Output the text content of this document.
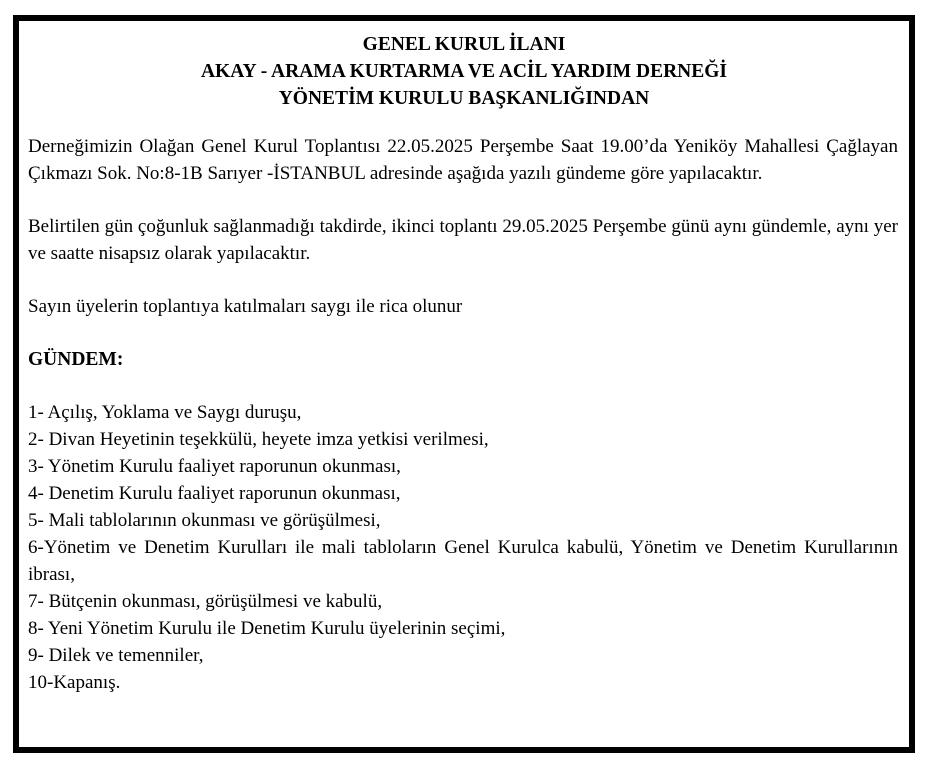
GENEL KURUL İLANI
AKAY - ARAMA KURTARMA VE ACİL YARDIM DERNEĞİ
YÖNETİM KURULU BAŞKANLIĞINDAN

Derneğimizin Olağan Genel Kurul Toplantısı 22.05.2025 Perşembe Saat 19.00’da Yeniköy Mahallesi Çağlayan Çıkmazı Sok. No:8-1B Sarıyer -İSTANBUL adresinde aşağıda yazılı gündeme göre yapılacaktır.

Belirtilen gün çoğunluk sağlanmadığı takdirde, ikinci toplantı 29.05.2025 Perşembe günü aynı gündemle, aynı yer ve saatte nisapsız olarak yapılacaktır.

Sayın üyelerin toplantıya katılmaları saygı ile rica olunur

GÜNDEM:

1- Açılış, Yoklama ve Saygı duruşu,
2- Divan Heyetinin teşekkülü, heyete imza yetkisi verilmesi,
3- Yönetim Kurulu faaliyet raporunun okunması,
4- Denetim Kurulu faaliyet raporunun okunması,
5- Mali tablolarının okunması ve görüşülmesi,
6-Yönetim ve Denetim Kurulları ile mali tabloların Genel Kurulca kabulü, Yönetim ve Denetim Kurullarının ibrası,
7- Bütçenin okunması, görüşülmesi ve kabulü,
8- Yeni Yönetim Kurulu ile Denetim Kurulu üyelerinin seçimi,
9- Dilek ve temenniler,
10-Kapanış.
